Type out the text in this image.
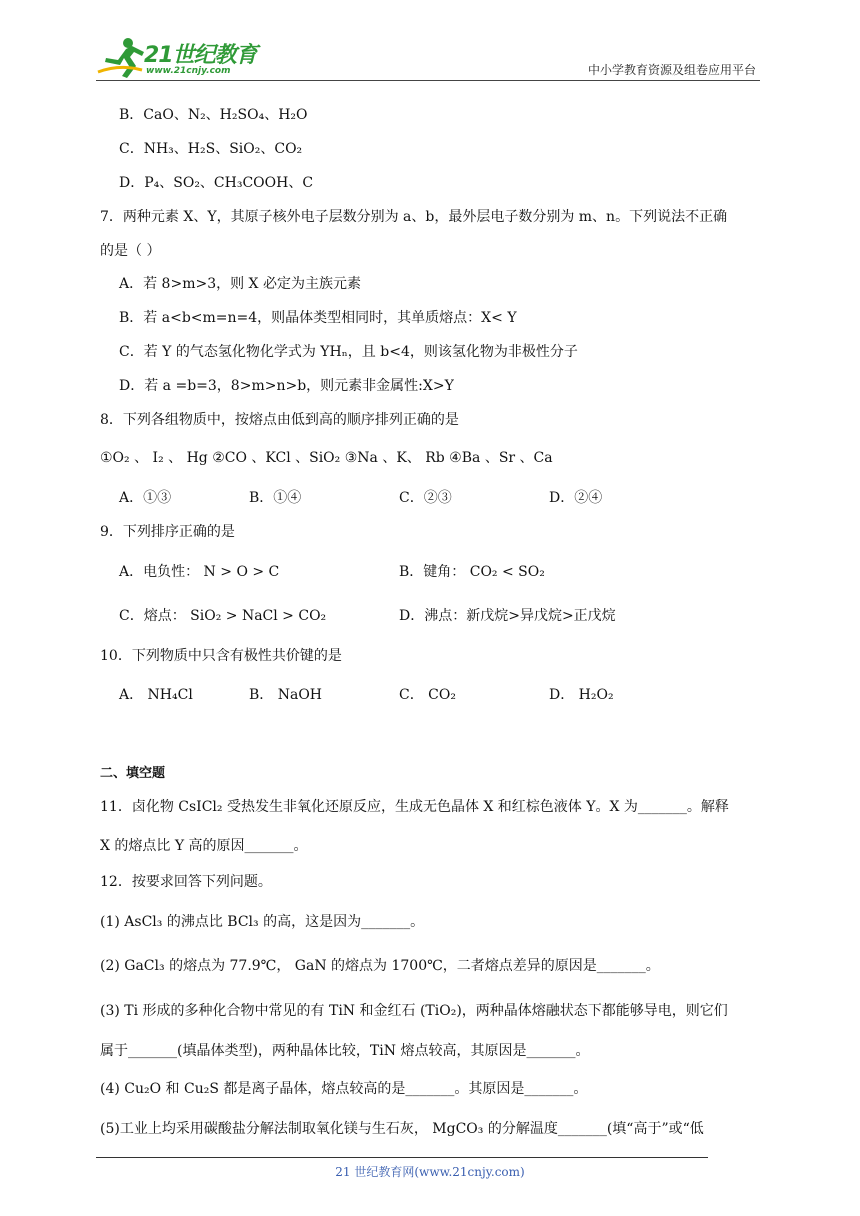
21世纪教育
www.21cnjy.com	中小学教育资源及组卷应用平台
B．CaO、N₂、H₂SO₄、H₂O
C．NH₃、H₂S、SiO₂、CO₂
D．P₄、SO₂、CH₃COOH、C
7．两种元素 X、Y，其原子核外电子层数分别为 a、b，最外层电子数分别为 m、n。下列说法不正确
的是（ ）
A．若 8>m>3，则 X 必定为主族元素
B．若 a<b<m=n=4，则晶体类型相同时，其单质熔点：X< Y
C．若 Y 的气态氢化物化学式为 YHₙ，且 b<4，则该氢化物为非极性分子
D．若 a =b=3，8>m>n>b，则元素非金属性:X>Y
8．下列各组物质中，按熔点由低到高的顺序排列正确的是
①O₂ 、 I₂ 、 Hg ②CO 、KCl 、SiO₂ ③Na 、K、 Rb ④Ba 、Sr 、Ca
A．①③	B．①④	C．②③	D．②④
9．下列排序正确的是
A．电负性： N > O > C	B．键角： CO₂ < SO₂
C．熔点： SiO₂ > NaCl > CO₂	D．沸点：新戊烷>异戊烷>正戊烷
10．下列物质中只含有极性共价键的是
A． NH₄Cl	B． NaOH	C． CO₂	D． H₂O₂
二、填空题
11．卤化物 CsICl₂ 受热发生非氧化还原反应，生成无色晶体 X 和红棕色液体 Y。X 为_______。解释
X 的熔点比 Y 高的原因_______。
12．按要求回答下列问题。
(1) AsCl₃ 的沸点比 BCl₃ 的高，这是因为_______。
(2) GaCl₃ 的熔点为 77.9℃， GaN 的熔点为 1700℃，二者熔点差异的原因是_______。
(3) Ti 形成的多种化合物中常见的有 TiN 和金红石 (TiO₂)，两种晶体熔融状态下都能够导电，则它们
属于_______(填晶体类型)，两种晶体比较，TiN 熔点较高，其原因是_______。
(4) Cu₂O 和 Cu₂S 都是离子晶体，熔点较高的是_______。其原因是_______。
(5)工业上均采用碳酸盐分解法制取氧化镁与生石灰， MgCO₃ 的分解温度_______(填“高于”或“低
21 世纪教育网(www.21cnjy.com)
